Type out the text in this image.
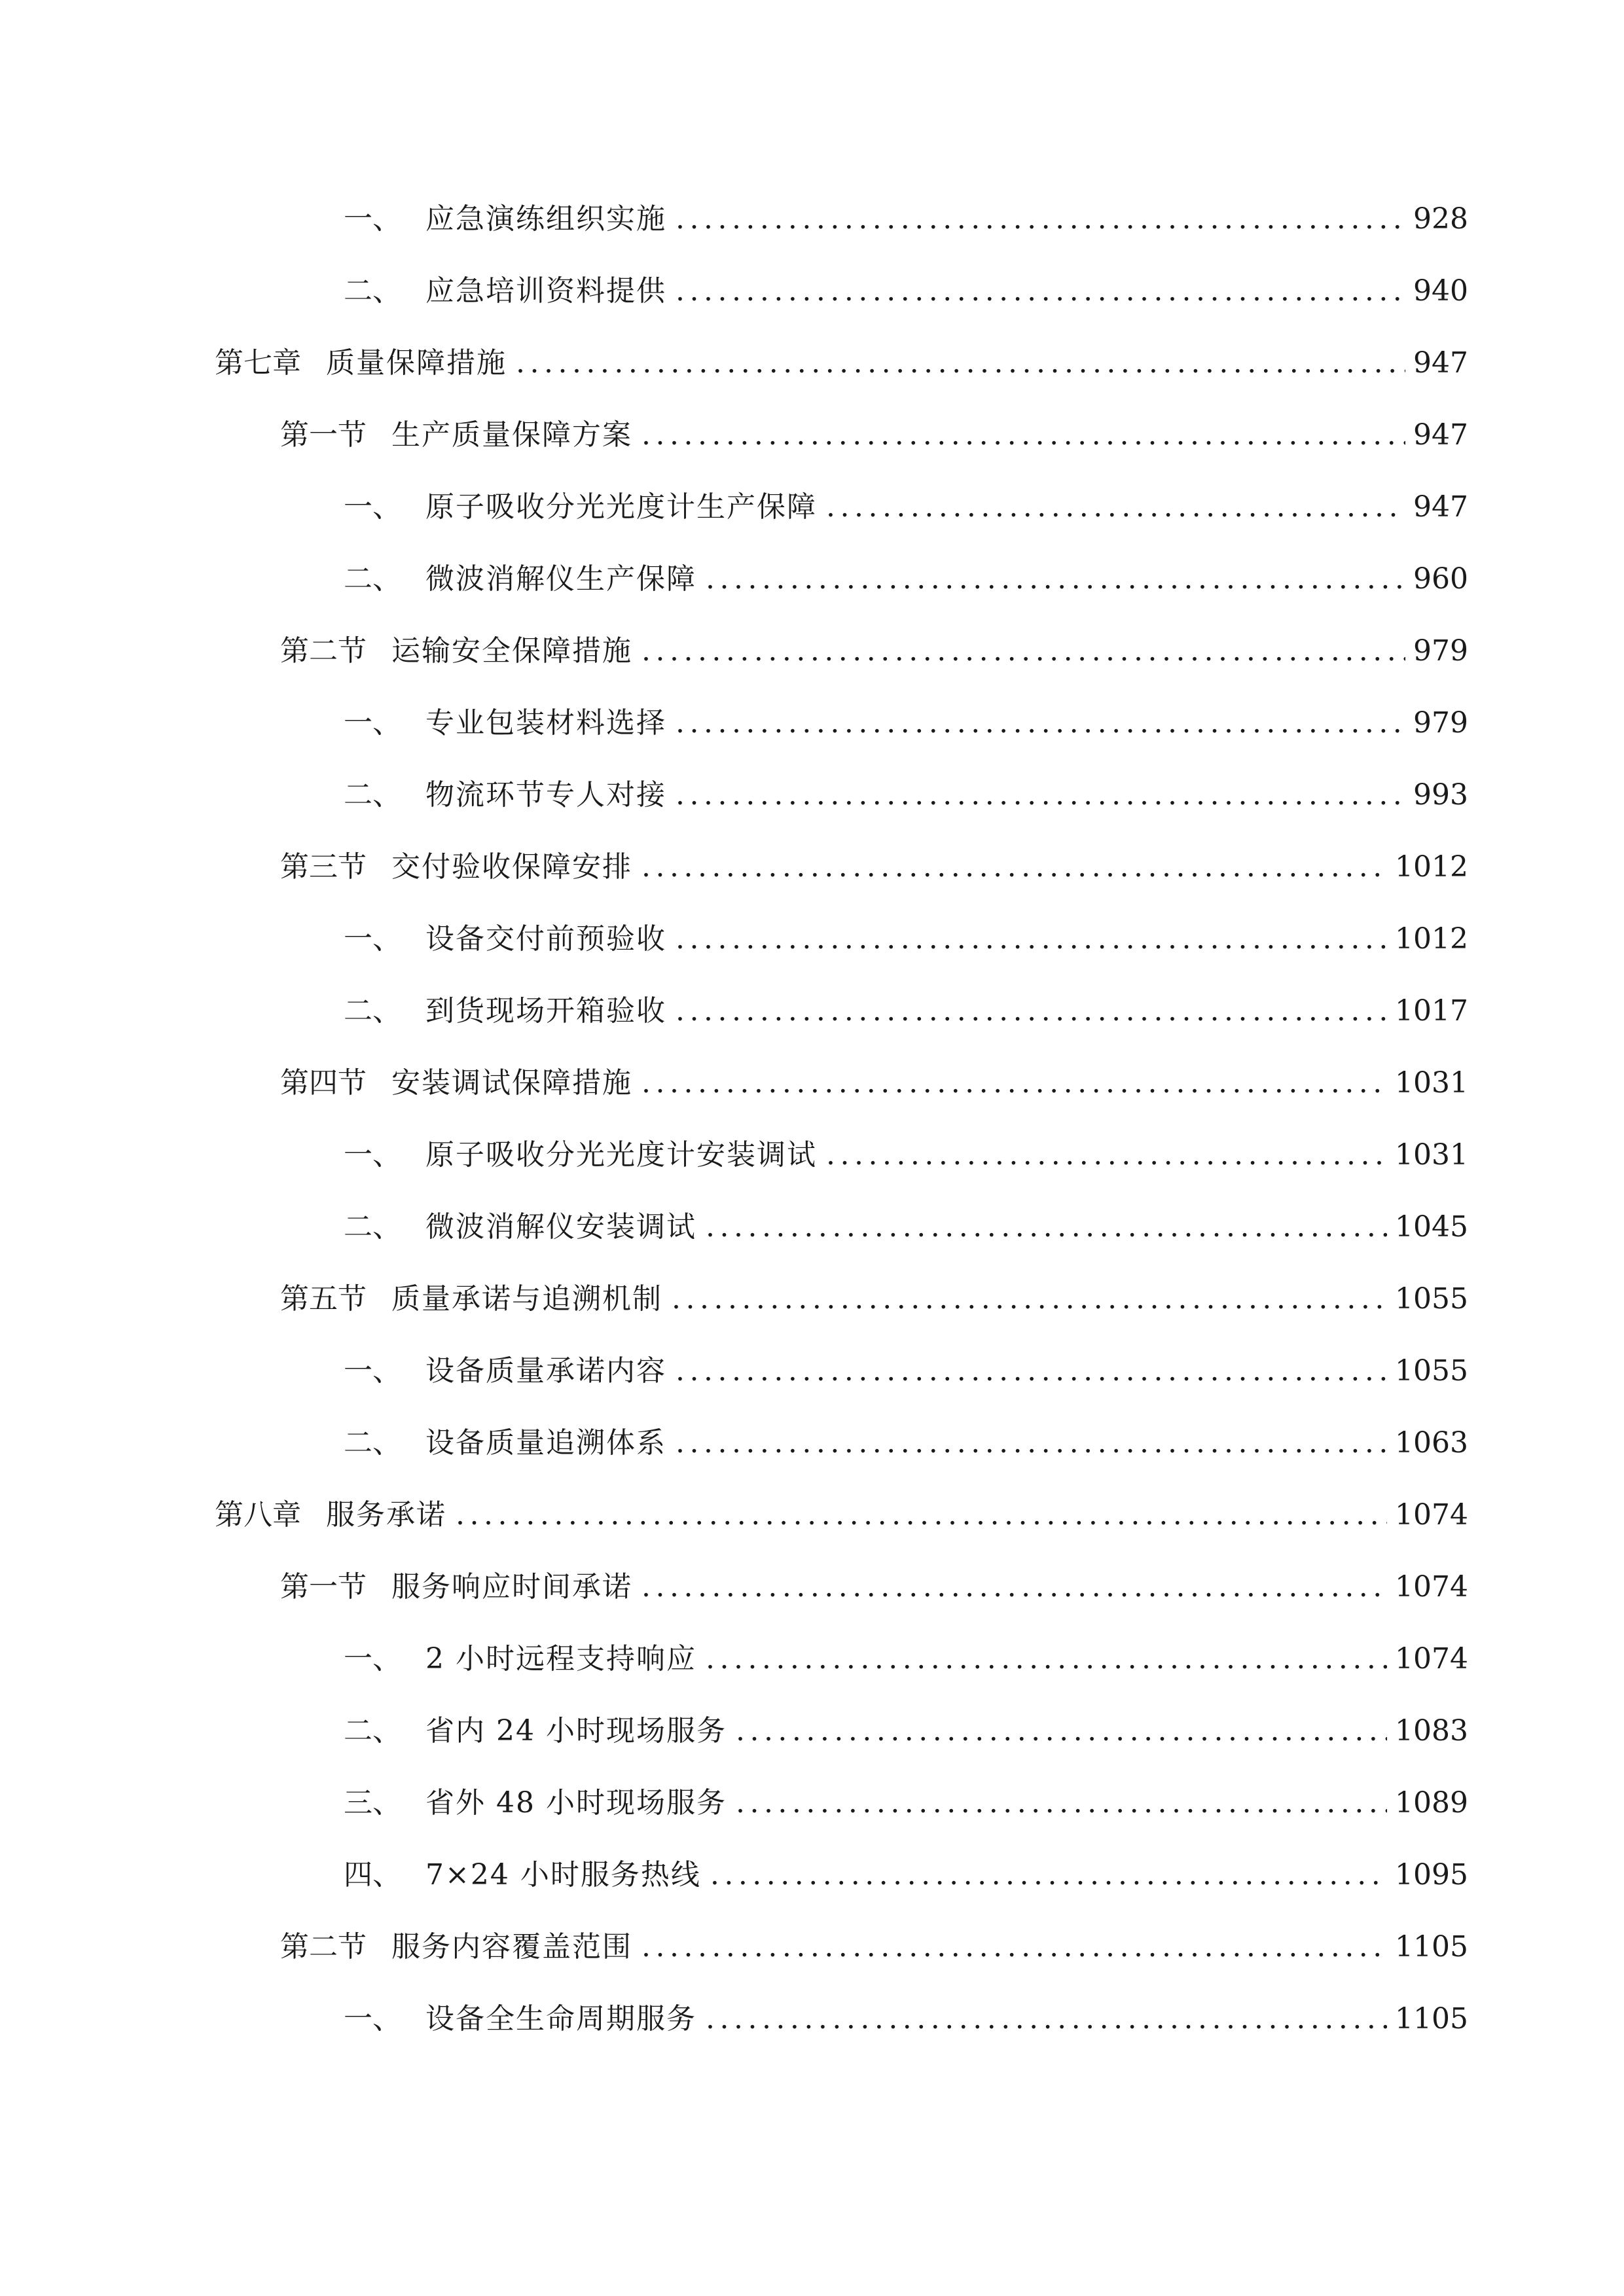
一、 应急演练组织实施 .....	928
二、 应急培训资料提供 .....	940
第七章 质量保障措施 .....	947
第一节 生产质量保障方案 .....	947
一、 原子吸收分光光度计生产保障 .....	947
二、 微波消解仪生产保障 .....	960
第二节 运输安全保障措施 .....	979
一、 专业包装材料选择 .....	979
二、 物流环节专人对接 .....	993
第三节 交付验收保障安排 .....	1012
一、 设备交付前预验收 .....	1012
二、 到货现场开箱验收 .....	1017
第四节 安装调试保障措施 .....	1031
一、 原子吸收分光光度计安装调试 .....	1031
二、 微波消解仪安装调试 .....	1045
第五节 质量承诺与追溯机制 .....	1055
一、 设备质量承诺内容 .....	1055
二、 设备质量追溯体系 .....	1063
第八章 服务承诺 .....	1074
第一节 服务响应时间承诺 .....	1074
一、 2 小时远程支持响应 .....	1074
二、 省内 24 小时现场服务 .....	1083
三、 省外 48 小时现场服务 .....	1089
四、 7×24 小时服务热线 .....	1095
第二节 服务内容覆盖范围 .....	1105
一、 设备全生命周期服务 .....	1105
